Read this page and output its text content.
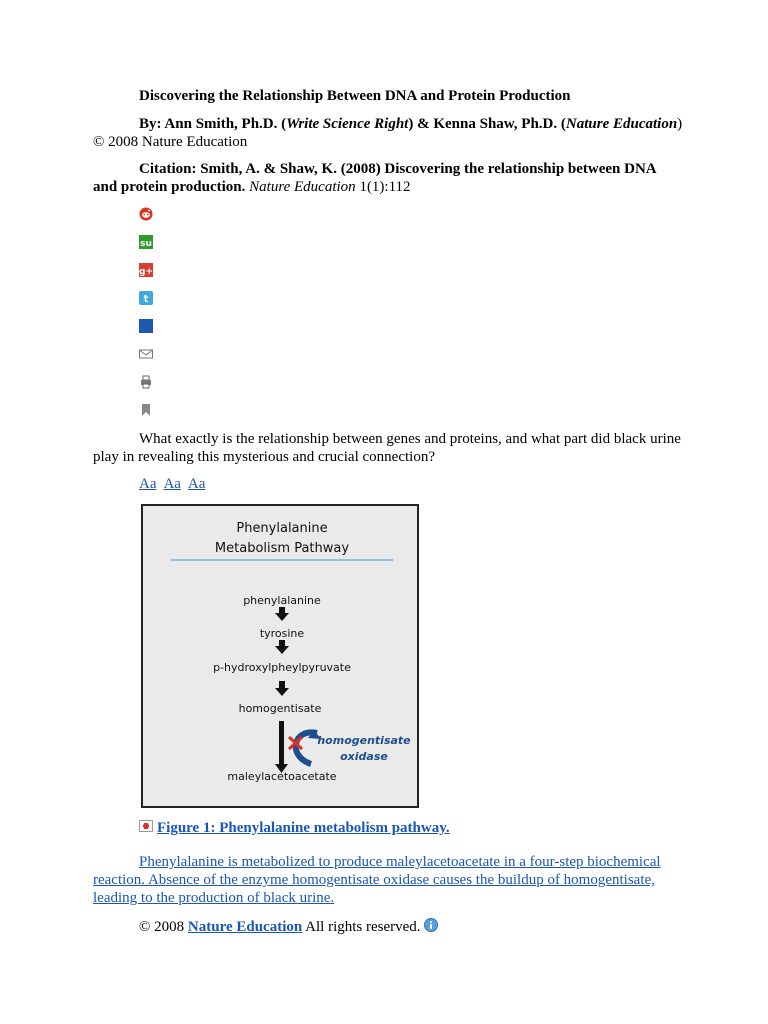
Discovering the Relationship Between DNA and Protein Production

By: Ann Smith, Ph.D. (Write Science Right) & Kenna Shaw, Ph.D. (Nature Education) © 2008 Nature Education

Citation: Smith, A. & Shaw, K. (2008) Discovering the relationship between DNA and protein production. Nature Education 1(1):112

su
g+
t

What exactly is the relationship between genes and proteins, and what part did black urine play in revealing this mysterious and crucial connection?

Aa Aa Aa
Phenylalanine
Metabolism Pathway
phenylalanine
tyrosine
p-hydroxylpheylpyruvate
homogentisate
homogentisate
oxidase
maleylacetoacetate
Figure 1: Phenylalanine metabolism pathway.

Phenylalanine is metabolized to produce maleylacetoacetate in a four-step biochemical reaction. Absence of the enzyme homogentisate oxidase causes the buildup of homogentisate, leading to the production of black urine.

© 2008 Nature Education All rights reserved.
